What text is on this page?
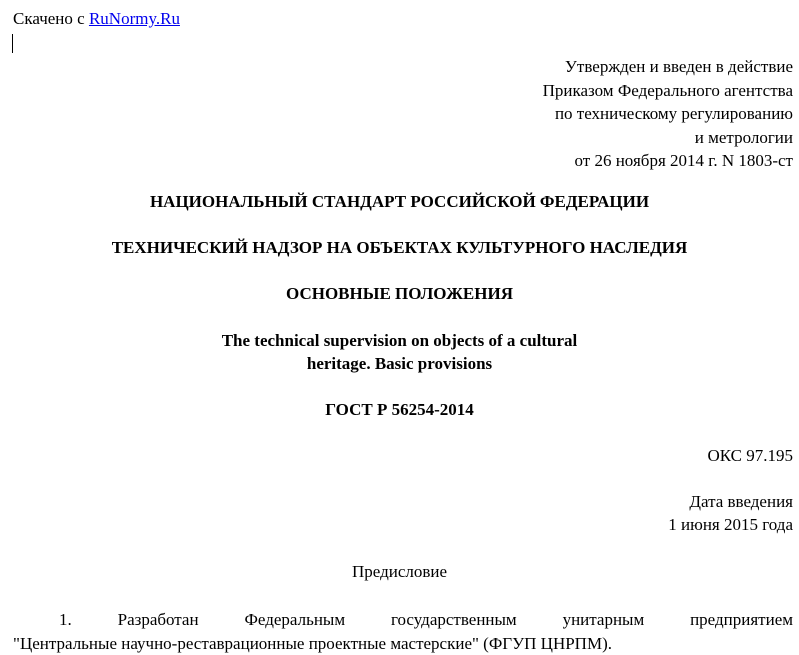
Скачено с RuNormy.Ru
Утвержден и введен в действие
Приказом Федерального агентства
по техническому регулированию
и метрологии
от 26 ноября 2014 г. N 1803-ст
НАЦИОНАЛЬНЫЙ СТАНДАРТ РОССИЙСКОЙ ФЕДЕРАЦИИ
ТЕХНИЧЕСКИЙ НАДЗОР НА ОБЪЕКТАХ КУЛЬТУРНОГО НАСЛЕДИЯ
ОСНОВНЫЕ ПОЛОЖЕНИЯ
The technical supervision on objects of a cultural
heritage. Basic provisions
ГОСТ Р 56254-2014
ОКС 97.195
Дата введения
1 июня 2015 года
Предисловие
1.	Разработан	Федеральным	государственным	унитарным	предприятием
"Центральные научно-реставрационные проектные мастерские" (ФГУП ЦНРПМ).
